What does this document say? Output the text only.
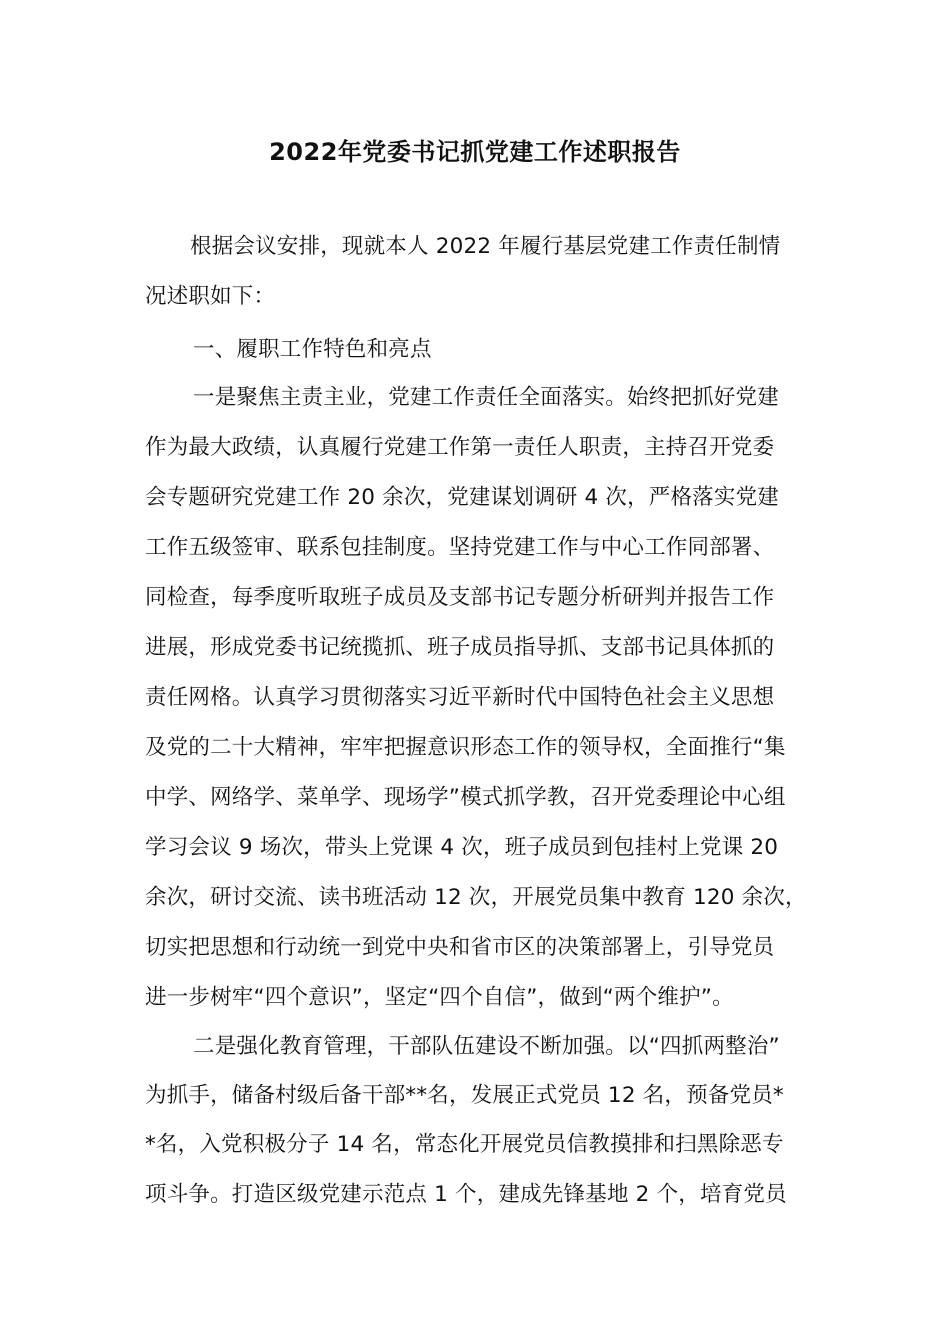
2022年党委书记抓党建工作述职报告
根据会议安排，现就本人 2022 年履行基层党建工作责任制情
况述职如下：
一、履职工作特色和亮点
一是聚焦主责主业，党建工作责任全面落实。始终把抓好党建
作为最大政绩，认真履行党建工作第一责任人职责，主持召开党委
会专题研究党建工作 20 余次，党建谋划调研 4 次，严格落实党建
工作五级签审、联系包挂制度。坚持党建工作与中心工作同部署、
同检查，每季度听取班子成员及支部书记专题分析研判并报告工作
进展，形成党委书记统揽抓、班子成员指导抓、支部书记具体抓的
责任网格。认真学习贯彻落实习近平新时代中国特色社会主义思想
及党的二十大精神，牢牢把握意识形态工作的领导权，全面推行“集
中学、网络学、菜单学、现场学”模式抓学教，召开党委理论中心组
学习会议 9 场次，带头上党课 4 次，班子成员到包挂村上党课 20
余次，研讨交流、读书班活动 12 次，开展党员集中教育 120 余次，
切实把思想和行动统一到党中央和省市区的决策部署上，引导党员
进一步树牢“四个意识”，坚定“四个自信”，做到“两个维护”。
二是强化教育管理，干部队伍建设不断加强。以“四抓两整治”
为抓手，储备村级后备干部**名，发展正式党员 12 名，预备党员*
*名，入党积极分子 14 名，常态化开展党员信教摸排和扫黑除恶专
项斗争。打造区级党建示范点 1 个，建成先锋基地 2 个，培育党员
